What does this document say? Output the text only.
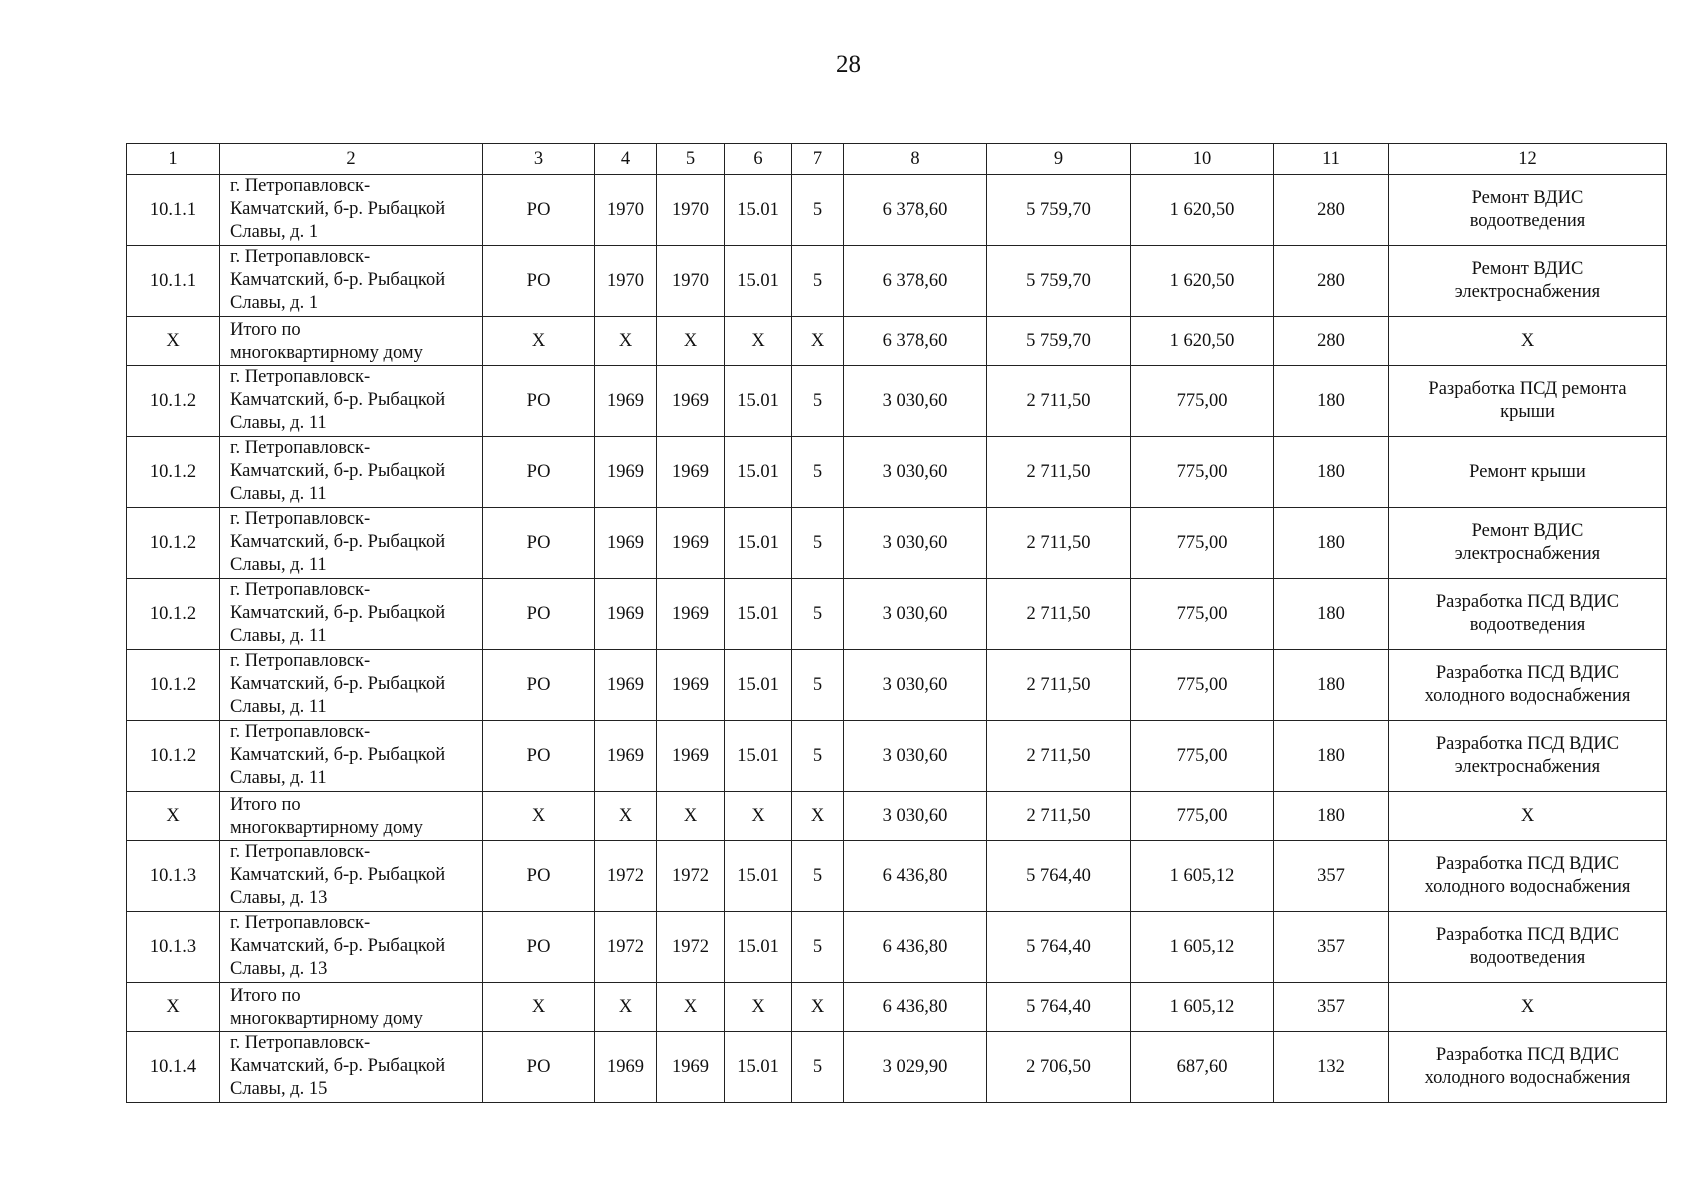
28
1	2	3	4	5	6	7	8	9	10	11	12
10.1.1	г. Петропавловск-
Камчатский, б-р. Рыбацкой
Славы, д. 1	РО	1970	1970	15.01	5	6 378,60	5 759,70	1 620,50	280	Ремонт ВДИС
водоотведения
10.1.1	г. Петропавловск-
Камчатский, б-р. Рыбацкой
Славы, д. 1	РО	1970	1970	15.01	5	6 378,60	5 759,70	1 620,50	280	Ремонт ВДИС
электроснабжения
Х	Итого по
многоквартирному дому	Х	Х	Х	Х	Х	6 378,60	5 759,70	1 620,50	280	Х
10.1.2	г. Петропавловск-
Камчатский, б-р. Рыбацкой
Славы, д. 11	РО	1969	1969	15.01	5	3 030,60	2 711,50	775,00	180	Разработка ПСД ремонта
крыши
10.1.2	г. Петропавловск-
Камчатский, б-р. Рыбацкой
Славы, д. 11	РО	1969	1969	15.01	5	3 030,60	2 711,50	775,00	180	Ремонт крыши
10.1.2	г. Петропавловск-
Камчатский, б-р. Рыбацкой
Славы, д. 11	РО	1969	1969	15.01	5	3 030,60	2 711,50	775,00	180	Ремонт ВДИС
электроснабжения
10.1.2	г. Петропавловск-
Камчатский, б-р. Рыбацкой
Славы, д. 11	РО	1969	1969	15.01	5	3 030,60	2 711,50	775,00	180	Разработка ПСД ВДИС
водоотведения
10.1.2	г. Петропавловск-
Камчатский, б-р. Рыбацкой
Славы, д. 11	РО	1969	1969	15.01	5	3 030,60	2 711,50	775,00	180	Разработка ПСД ВДИС
холодного водоснабжения
10.1.2	г. Петропавловск-
Камчатский, б-р. Рыбацкой
Славы, д. 11	РО	1969	1969	15.01	5	3 030,60	2 711,50	775,00	180	Разработка ПСД ВДИС
электроснабжения
Х	Итого по
многоквартирному дому	Х	Х	Х	Х	Х	3 030,60	2 711,50	775,00	180	Х
10.1.3	г. Петропавловск-
Камчатский, б-р. Рыбацкой
Славы, д. 13	РО	1972	1972	15.01	5	6 436,80	5 764,40	1 605,12	357	Разработка ПСД ВДИС
холодного водоснабжения
10.1.3	г. Петропавловск-
Камчатский, б-р. Рыбацкой
Славы, д. 13	РО	1972	1972	15.01	5	6 436,80	5 764,40	1 605,12	357	Разработка ПСД ВДИС
водоотведения
Х	Итого по
многоквартирному дому	Х	Х	Х	Х	Х	6 436,80	5 764,40	1 605,12	357	Х
10.1.4	г. Петропавловск-
Камчатский, б-р. Рыбацкой
Славы, д. 15	РО	1969	1969	15.01	5	3 029,90	2 706,50	687,60	132	Разработка ПСД ВДИС
холодного водоснабжения
